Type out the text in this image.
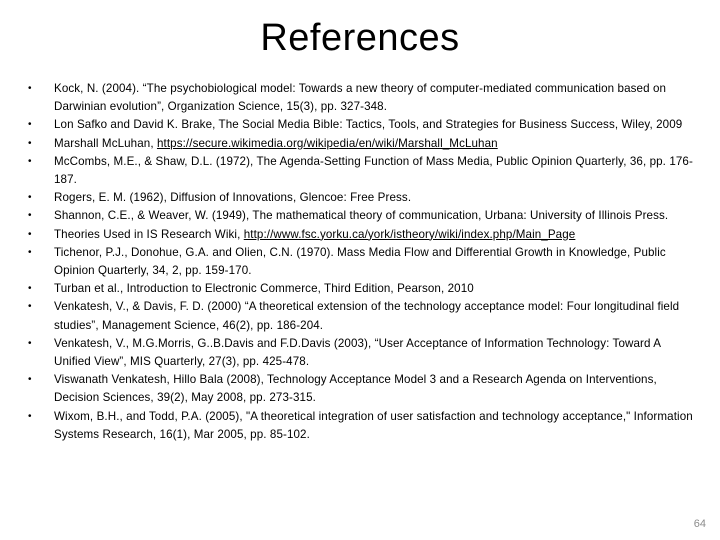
References
•	Kock, N. (2004). “The psychobiological model: Towards a new theory of computer-mediated communication based on Darwinian evolution”, Organization Science, 15(3), pp. 327-348.
•	Lon Safko and David K. Brake, The Social Media Bible: Tactics, Tools, and Strategies for Business Success, Wiley, 2009
•	Marshall McLuhan, https://secure.wikimedia.org/wikipedia/en/wiki/Marshall_McLuhan
•	McCombs, M.E., & Shaw, D.L. (1972), The Agenda-Setting Function of Mass Media, Public Opinion Quarterly, 36, pp. 176-187.
•	Rogers, E. M. (1962), Diffusion of Innovations, Glencoe: Free Press.
•	Shannon, C.E., & Weaver, W. (1949), The mathematical theory of communication, Urbana: University of Illinois Press.
•	Theories Used in IS Research Wiki, http://www.fsc.yorku.ca/york/istheory/wiki/index.php/Main_Page
•	Tichenor, P.J., Donohue, G.A. and Olien, C.N. (1970). Mass Media Flow and Differential Growth in Knowledge, Public Opinion Quarterly, 34, 2, pp. 159-170.
•	Turban et al., Introduction to Electronic Commerce, Third Edition, Pearson, 2010
•	Venkatesh, V., & Davis, F. D. (2000) “A theoretical extension of the technology acceptance model: Four longitudinal field studies”, Management Science, 46(2), pp. 186-204.
•	Venkatesh, V., M.G.Morris, G..B.Davis and F.D.Davis (2003), “User Acceptance of Information Technology: Toward A Unified View”, MIS Quarterly, 27(3), pp. 425-478.
•	Viswanath Venkatesh, Hillo Bala (2008), Technology Acceptance Model 3 and a Research Agenda on Interventions, Decision Sciences, 39(2), May 2008, pp. 273-315.
•	Wixom, B.H., and Todd, P.A. (2005), "A theoretical integration of user satisfaction and technology acceptance," Information Systems Research, 16(1), Mar 2005, pp. 85-102.
64
